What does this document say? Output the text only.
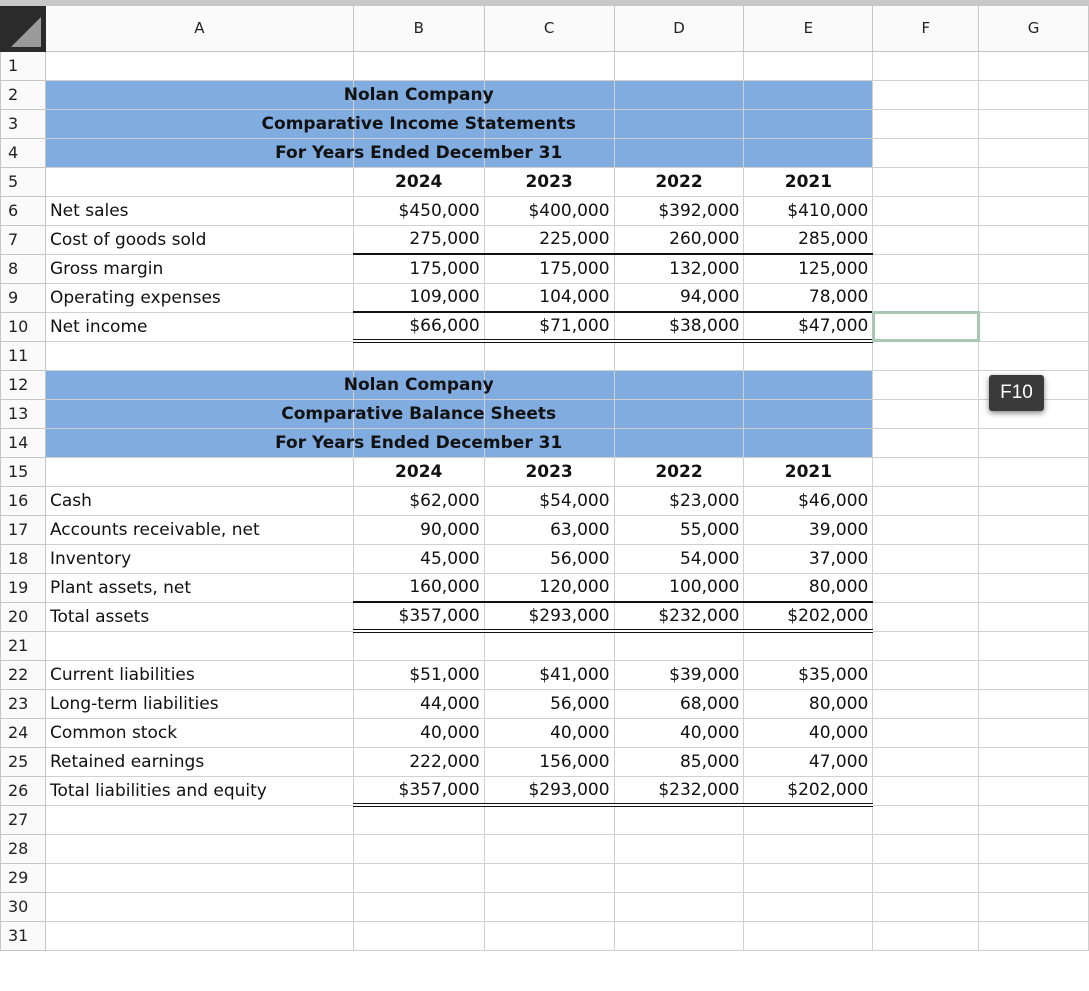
	A	B	C	D	E	F	G
1							
2		Nolan Company					

3		Comparative Income Statements					

4		For Years Ended December 31					

5		2024	2023	2022	2021		
6	Net sales	$450,000	$400,000	$392,000	$410,000		
7	Cost of goods sold	275,000	225,000	260,000	285,000		
8	Gross margin	175,000	175,000	132,000	125,000		
9	Operating expenses	109,000	104,000	94,000	78,000		
10	Net income	$66,000	$71,000	$38,000	$47,000		
11							
12		Nolan Company					

13		Comparative Balance Sheets					

14		For Years Ended December 31					

15		2024	2023	2022	2021		
16	Cash	$62,000	$54,000	$23,000	$46,000		
17	Accounts receivable, net	90,000	63,000	55,000	39,000		
18	Inventory	45,000	56,000	54,000	37,000		
19	Plant assets, net	160,000	120,000	100,000	80,000		
20	Total assets	$357,000	$293,000	$232,000	$202,000		
21							
22	Current liabilities	$51,000	$41,000	$39,000	$35,000		
23	Long-term liabilities	44,000	56,000	68,000	80,000		
24	Common stock	40,000	40,000	40,000	40,000		
25	Retained earnings	222,000	156,000	85,000	47,000		
26	Total liabilities and equity	$357,000	$293,000	$232,000	$202,000		
27							
28							
29							
30							
31							
F10
